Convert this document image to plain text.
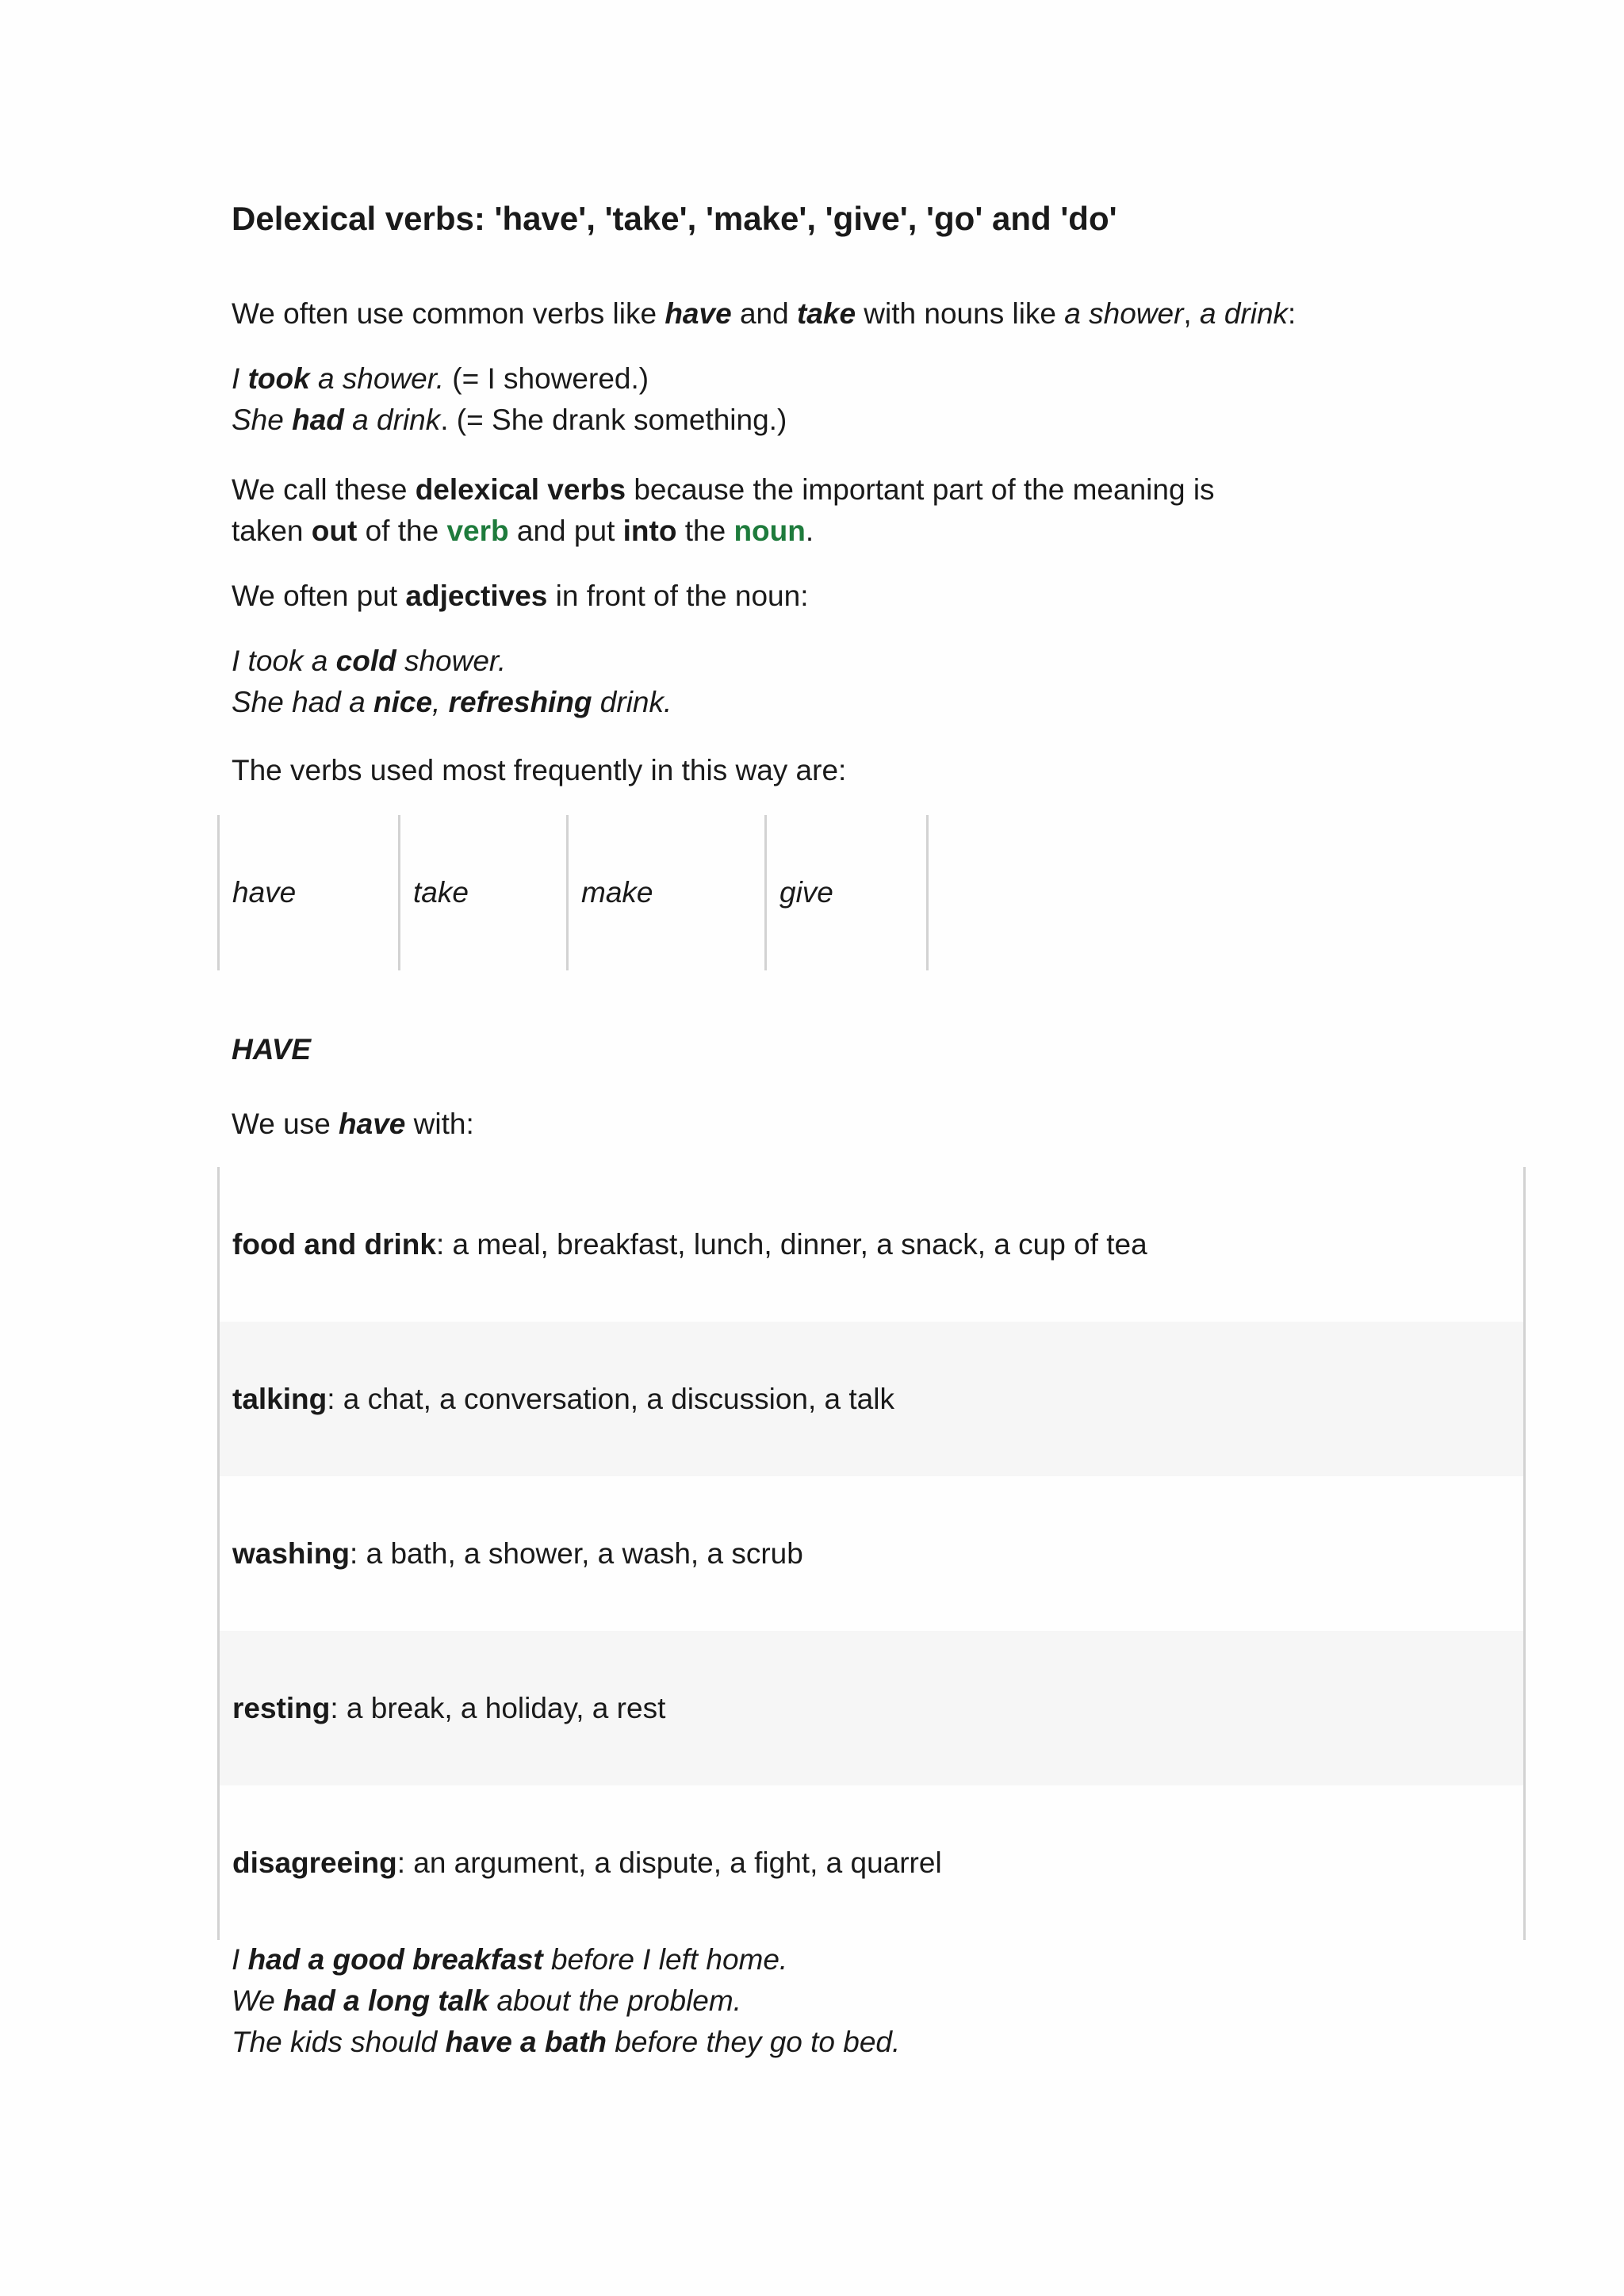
Delexical verbs: 'have', 'take', 'make', 'give', 'go' and 'do'

We often use common verbs like have and take with nouns like a shower, a drink:

I took a shower. (= I showered.)

She had a drink. (= She drank something.)

We call these delexical verbs because the important part of the meaning is

taken out of the verb and put into the noun.

We often put adjectives in front of the noun:

I took a cold shower.

She had a nice, refreshing drink.

The verbs used most frequently in this way are:

have	take	make	give

HAVE

We use have with:

food and drink : a meal, breakfast, lunch, dinner, a snack, a cup of tea
talking : a chat, a conversation, a discussion, a talk
washing : a bath, a shower, a wash, a scrub
resting : a break, a holiday, a rest
disagreeing : an argument, a dispute, a fight, a quarrel

I had a good breakfast before I left home.

We had a long talk about the problem.

The kids should have a bath before they go to bed.
